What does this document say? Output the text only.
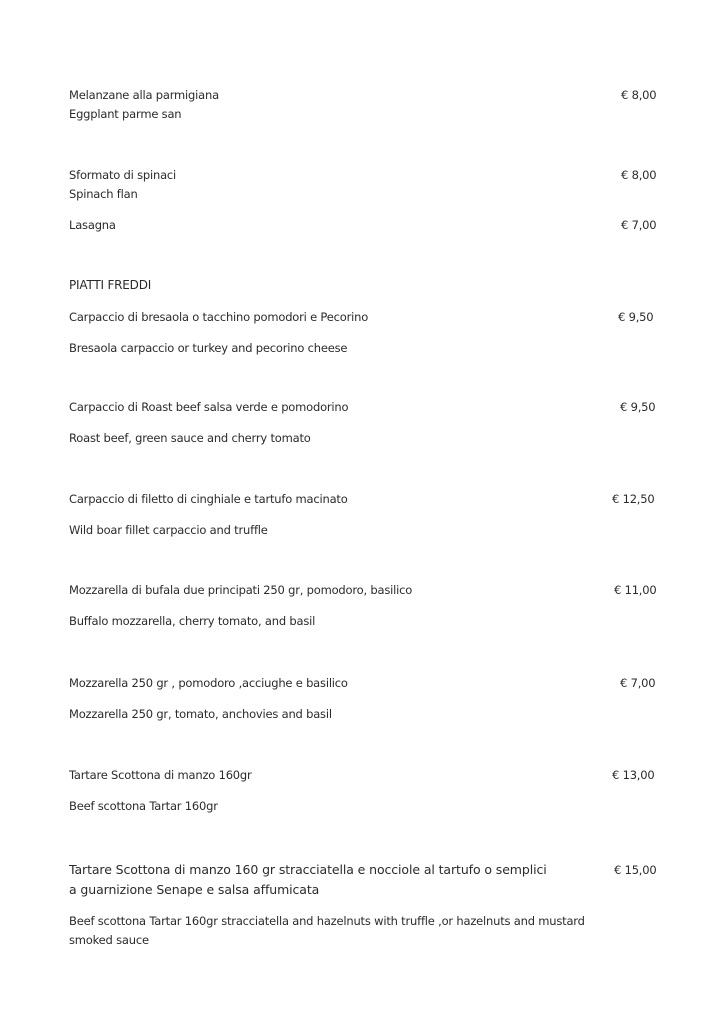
Melanzane alla parmigiana
Eggplant parme san
€ 8,00
Sformato di spinaci
Spinach flan
€ 8,00
Lasagna	€ 7,00
PIATTI FREDDI
Carpaccio di bresaola o tacchino pomodori e Pecorino
Bresaola carpaccio or turkey and pecorino cheese
€ 9,50
Carpaccio di Roast beef salsa verde e pomodorino
Roast beef, green sauce and cherry tomato
€ 9,50
Carpaccio di filetto di cinghiale e tartufo macinato
Wild boar fillet carpaccio and truffle
€ 12,50
Mozzarella di bufala due principati 250 gr, pomodoro, basilico
Buffalo mozzarella, cherry tomato, and basil
€ 11,00
Mozzarella 250 gr , pomodoro ,acciughe e basilico
Mozzarella 250 gr, tomato, anchovies and basil
€ 7,00
Tartare Scottona di manzo 160gr
Beef scottona Tartar 160gr
€ 13,00
Tartare Scottona di manzo 160 gr stracciatella e nocciole al tartufo o semplici
a guarnizione Senape e salsa affumicata
Beef scottona Tartar 160gr stracciatella and hazelnuts with truffle ,or hazelnuts and mustard
smoked sauce
€ 15,00
